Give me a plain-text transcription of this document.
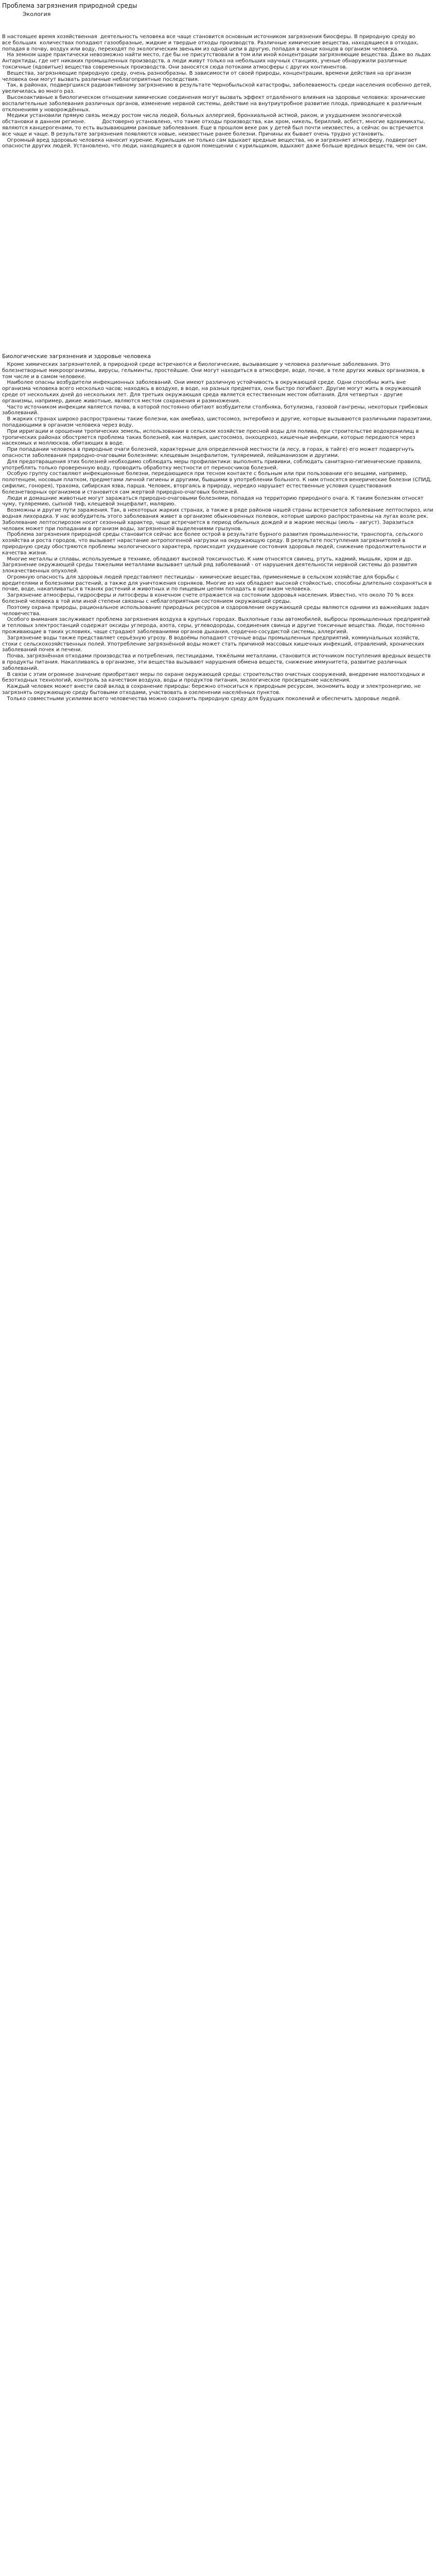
Проблема загрязнения природной среды
Экология
В настоящее время хозяйственная  деятельность человека все чаще становится основным источником загрязнения биосферы. В природную среду во
все больших  количествах попадают газообразные, жидкие и твердые отходы производств. Различные химические вещества, находящиеся в отходах, попадая в почву, воздух или воду, переходят по экологическим звеньям из одной цепи в другую, попадая в конце концов в организм человека.
На земном шаре практически невозможно найти место, где бы не присутствовали в том или иной концентрации загрязняющие вещества. Даже во льдах Антарктиды, где нет никаких промышленных производств, а люди живут только на небольших научных станциях, ученые обнаружили различные токсичные (ядовитые) вещества современных производств. Они заносятся сюда потоками атмосферы с других континентов.
Вещества, загрязняющие природную среду, очень разнообразны. В зависимости от своей природы, концентрации, времени действия на организм человека они могут вызвать различные неблагоприятные последствия.
Так, в районах, подвергшихся радиоактивному загрязнению в результате Чернобыльской катастрофы, заболеваемость среди населения особенно детей, увеличилась во много раз.
Высокоактивные в биологическом отношении химические соединения могут вызвать эффект отдалённого влияния на здоровье человека: хронические воспалительные заболевания различных органов, изменение нервной системы, действие на внутриутробное развитие плода, приводящее к различным отклонениям у новорождённых.
Медики установили прямую связь между ростом числа людей, больных аллергией, бронхиальной астмой, раком, и ухудшением экологической обстановки в данном регионе.          Достоверно установлено, что такие отходы производства, как хром, никель, бериллий, асбест, многие ядохимикаты, являются канцерогенами, то есть вызывающими раковые заболевания. Еще в прошлом веке рак у детей был почти неизвестен, а сейчас он встречается все чаще и чаще. В результате загрязнения появляются новые, неизвестные ранее болезни. Причины их бывает очень трудно установить.
Огромный вред здоровью человека наносит курение. Курильщик не только сам вдыхает вредные вещества, но и загрязняет атмосферу, подвергает опасности других людей. Установлено, что люди, находящиеся в одном помещении с курильщиком, вдыхают даже больше вредных веществ, чем он сам.
Биологические загрязнения и здоровье человека
Кроме химических загрязнителей, в природной среде встречаются и биологические, вызывающие у человека различные заболевания. Это болезнетворные микроорганизмы, вирусы, гельминты, простейшие. Они могут находиться в атмосфере, воде, почве, в теле других живых организмов, в том числе и в самом человеке.
Наиболее опасны возбудители инфекционных заболеваний. Они имеют различную устойчивость в окружающей среде. Одни способны жить вне организма человека всего несколько часов; находясь в воздухе, в воде, на разных предметах, они быстро погибают. Другие могут жить в окружающей среде от нескольких дней до нескольких лет. Для третьих окружающая среда является естественным местом обитания. Для четвертых - другие организмы, например, дикие животные, являются местом сохранения и размножения.
Часто источником инфекции является почва, в которой постоянно обитают возбудители столбняка, ботулизма, газовой гангрены, некоторых грибковых заболеваний.
В жарких странах широко распространены такие болезни, как амебиаз, шистосомоз, энтеробиоз и другие, которые вызываются различными паразитами, попадающими в организм человека через воду.
При ирригации и орошении тропических земель, использовании в сельском хозяйстве пресной воды для полива, при строительстве водохранилищ в тропических районах обостряется проблема таких болезней, как малярия, шистосомоз, онхоцеркоз, кишечные инфекции, которые передаются через насекомых и моллюсков, обитающих в воде.
При попадании человека в природные очаги болезней, характерные для определенной местности (в лесу, в горах, в тайге) его может подвергнуть опасности заболевания природно-очаговыми болезнями: клещевым энцефалитом, туляремией, лейшманиозом и другими.
Для предотвращения этих болезней необходимо соблюдать меры профилактики: выполнять прививки, соблюдать санитарно-гигиенические правила, употреблять только проверенную воду, проводить обработку местности от переносчиков болезней.
Особую группу составляют инфекционные болезни, передающиеся при тесном контакте с больным или при пользовании его вещами, например, полотенцем, носовым платком, предметами личной гигиены и другими, бывшими в употреблении больного. К ним относятся венерические болезни (СПИД, сифилис, гонорея), трахома, сибирская язва, парша. Человек, вторгаясь в природу, нередко нарушает естественные условия существования болезнетворных организмов и становится сам жертвой природно-очаговых болезней.
Люди и домашние животные могут заражаться природно-очаговыми болезнями, попадая на территорию природного очага. К таким болезням относят чуму, туляремию, сыпной тиф, клещевой энцефалит, малярию.
Возможны и другие пути заражения. Так, в некоторых жарких странах, а также в ряде районов нашей страны встречается заболевание лептоспироз, или водная лихорадка. У нас возбудитель этого заболевания живет в организме обыкновенных полевок, которые широко распространены на лугах возле рек. Заболевание лептоспирозом носит сезонный характер, чаще встречается в период обильных дождей и в жаркие месяцы (июль - август). Заразиться человек может при попадании в организм воды, загрязненной выделениями грызунов.
Проблема загрязнения природной среды становится сейчас все более острой в результате бурного развития промышленности, транспорта, сельского хозяйства и роста городов, что вызывает нарастание антропогенной нагрузки на окружающую среду. В результате поступления загрязнителей в природную среду обостряются проблемы экологического характера, происходит ухудшение состояния здоровья людей, снижение продолжительности и качества жизни.
Многие металлы и сплавы, используемые в технике, обладают высокой токсичностью. К ним относятся свинец, ртуть, кадмий, мышьяк, хром и др. Загрязнение окружающей среды тяжелыми металлами вызывает целый ряд заболеваний - от нарушения деятельности нервной системы до развития злокачественных опухолей.
Огромную опасность для здоровья людей представляют пестициды - химические вещества, применяемые в сельском хозяйстве для борьбы с вредителями и болезнями растений, а также для уничтожения сорняков. Многие из них обладают высокой стойкостью, способны длительно сохраняться в почве, воде, накапливаться в тканях растений и животных и по пищевым цепям попадать в организм человека.
Загрязнение атмосферы, гидросферы и литосферы в конечном счете отражается на состоянии здоровья населения. Известно, что около 70 % всех болезней человека в той или иной степени связаны с неблагоприятным состоянием окружающей среды.
Поэтому охрана природы, рациональное использование природных ресурсов и оздоровление окружающей среды являются одними из важнейших задач человечества.
Особого внимания заслуживает проблема загрязнения воздуха в крупных городах. Выхлопные газы автомобилей, выбросы промышленных предприятий и тепловых электростанций содержат оксиды углерода, азота, серы, углеводороды, соединения свинца и другие токсичные вещества. Люди, постоянно проживающие в таких условиях, чаще страдают заболеваниями органов дыхания, сердечно-сосудистой системы, аллергией.
Загрязнение воды также представляет серьёзную угрозу. В водоёмы попадают сточные воды промышленных предприятий, коммунальных хозяйств, стоки с сельскохозяйственных полей. Употребление загрязнённой воды может стать причиной массовых кишечных инфекций, отравлений, хронических заболеваний почек и печени.
Почва, загрязнённая отходами производства и потребления, пестицидами, тяжёлыми металлами, становится источником поступления вредных веществ в продукты питания. Накапливаясь в организме, эти вещества вызывают нарушения обмена веществ, снижение иммунитета, развитие различных заболеваний.
В связи с этим огромное значение приобретают меры по охране окружающей среды: строительство очистных сооружений, внедрение малоотходных и безотходных технологий, контроль за качеством воздуха, воды и продуктов питания, экологическое просвещение населения.
Каждый человек может внести свой вклад в сохранение природы: бережно относиться к природным ресурсам, экономить воду и электроэнергию, не загрязнять окружающую среду бытовыми отходами, участвовать в озеленении населённых пунктов.
Только совместными усилиями всего человечества можно сохранить природную среду для будущих поколений и обеспечить здоровье людей.
